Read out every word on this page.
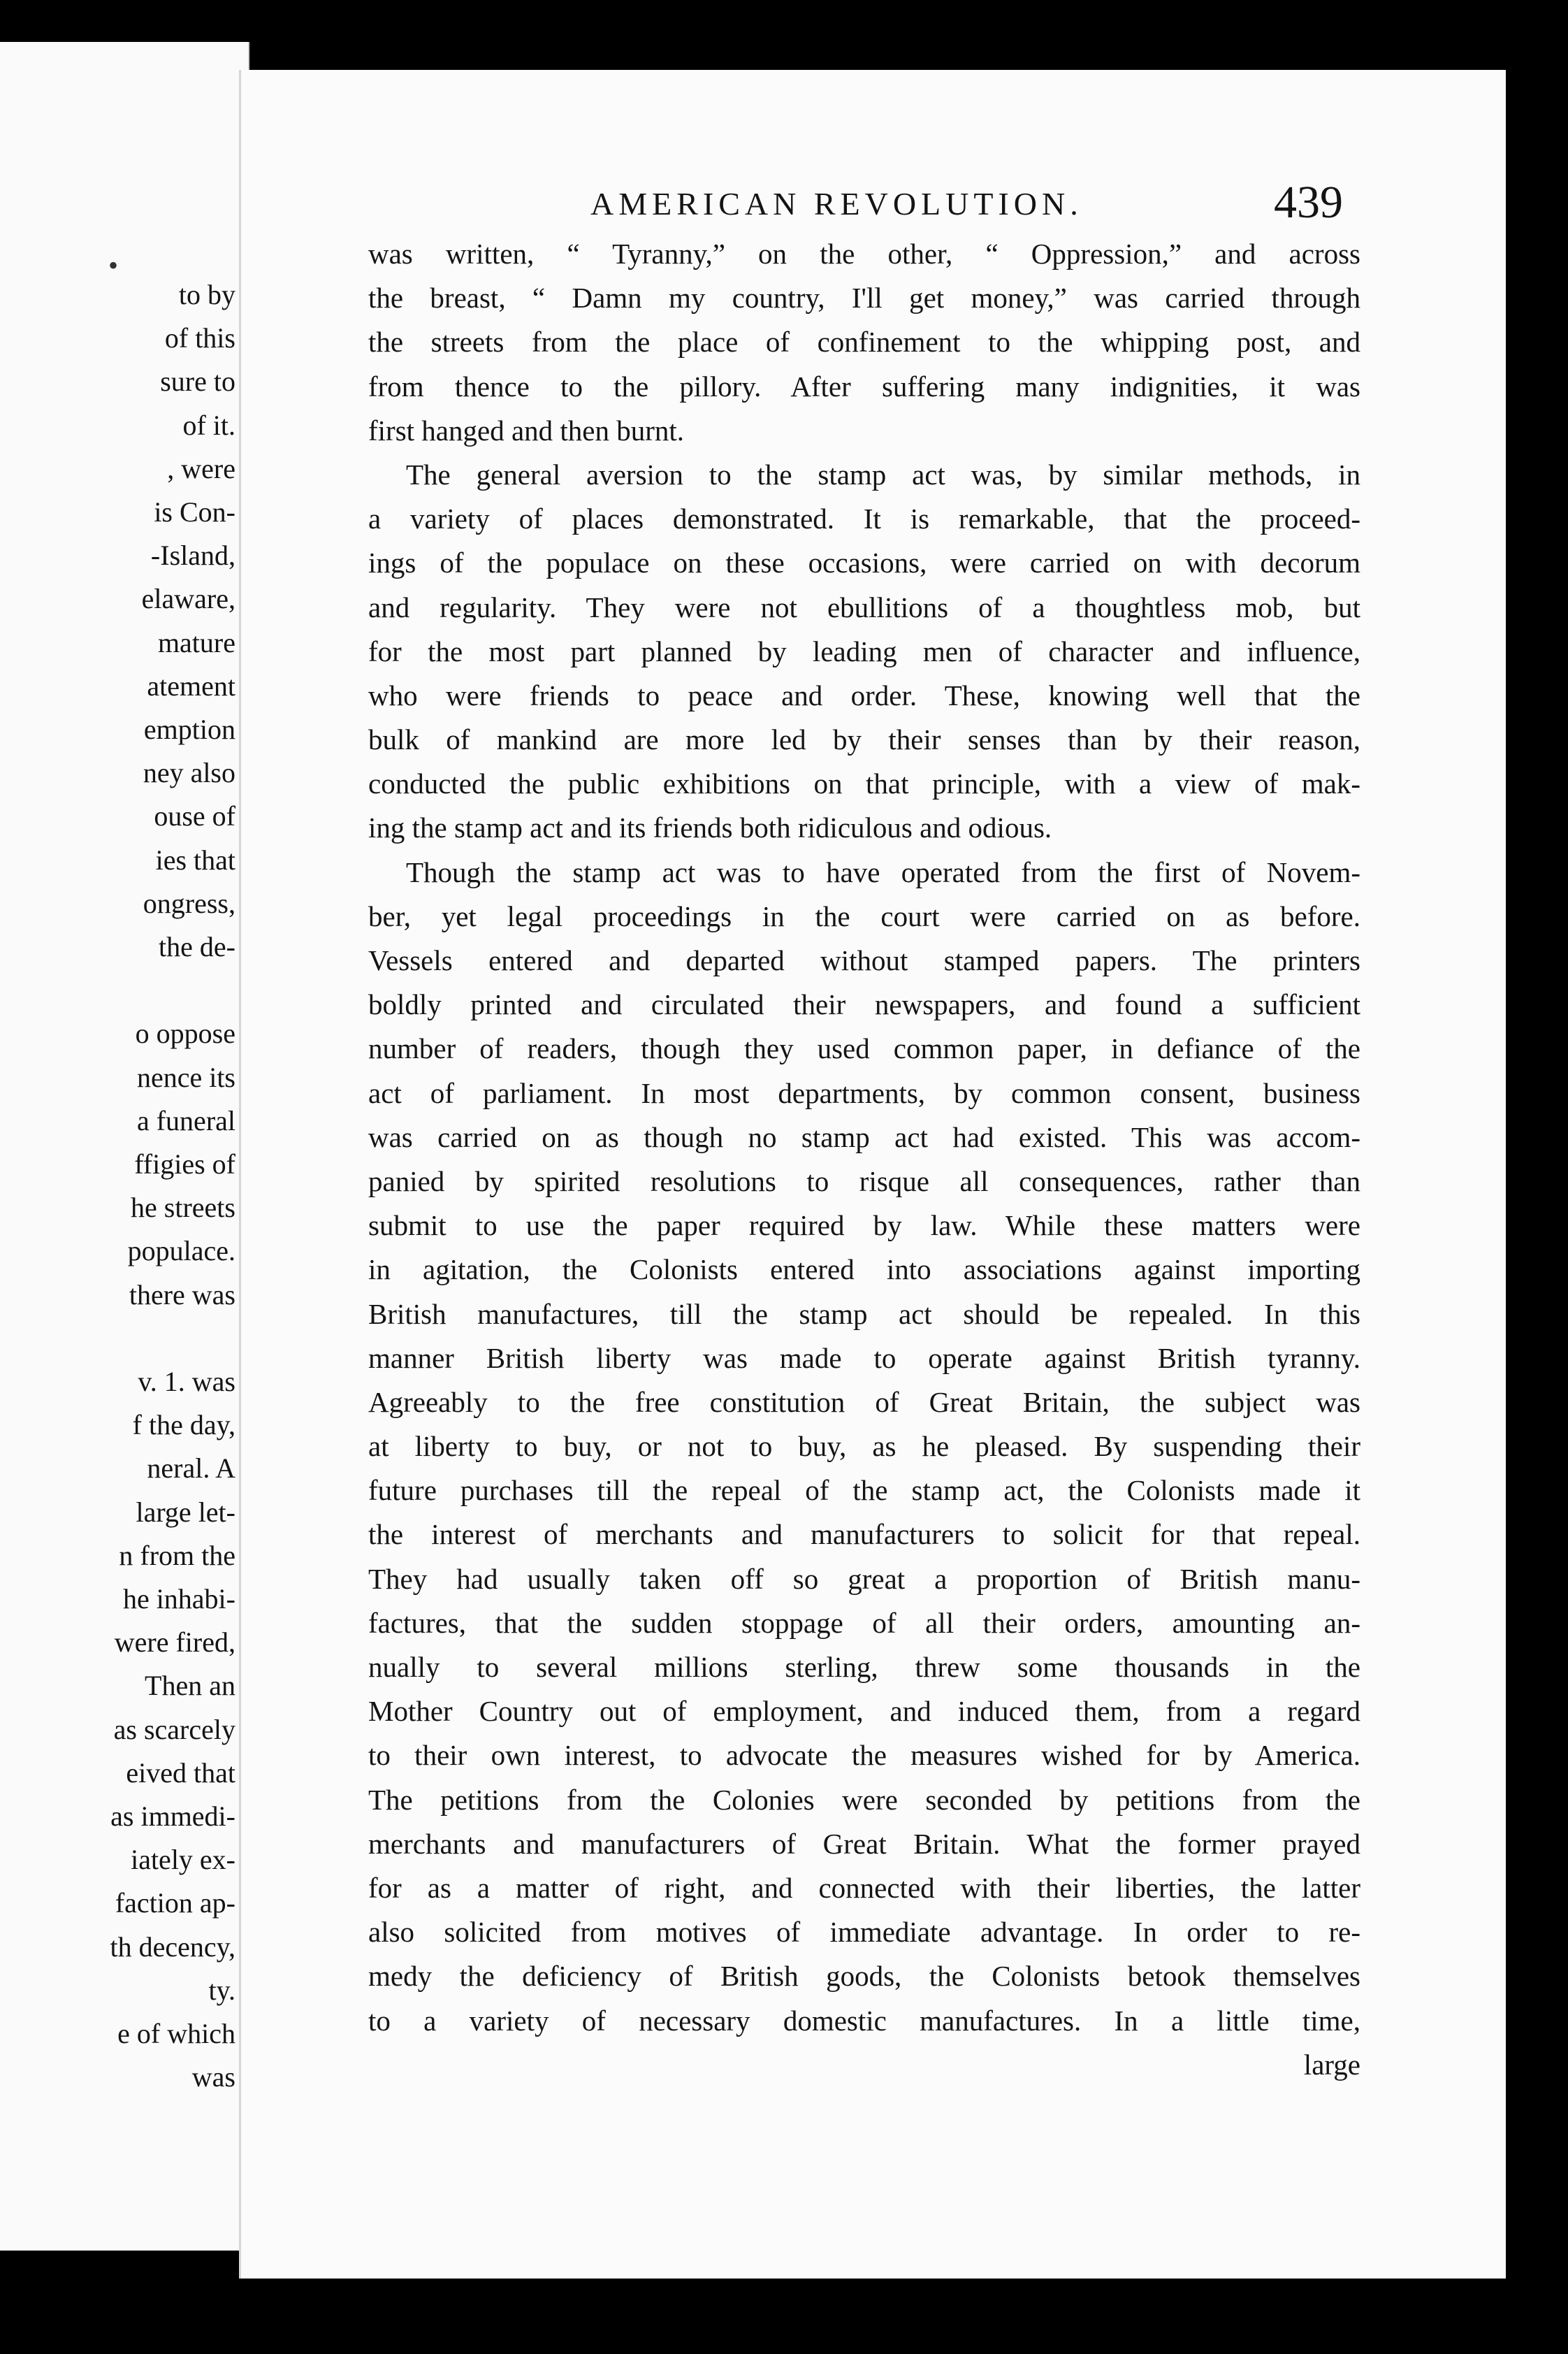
•
to by
of this
sure to
of it.
, were
is Con-
-Island,
elaware,
mature
atement
emption
ney also
ouse of
ies that
ongress,
the de-
o oppose
nence its
a funeral
ffigies of
he streets
populace.
there was
v. 1. was
f the day,
neral. A
large let-
n from the
he inhabi-
were fired,
Then an
as scarcely
eived that
as immedi-
iately ex-
faction ap-
th decency,
ty.
e of which
was
AMERICAN REVOLUTION.	439
was written, “ Tyranny,” on the other, “ Oppression,” and across
the breast, “ Damn my country, I'll get money,” was carried through
the streets from the place of confinement to the whipping post, and
from thence to the pillory. After suffering many indignities, it was
first hanged and then burnt.
The general aversion to the stamp act was, by similar methods, in
a variety of places demonstrated. It is remarkable, that the proceed-
ings of the populace on these occasions, were carried on with decorum
and regularity. They were not ebullitions of a thoughtless mob, but
for the most part planned by leading men of character and influence,
who were friends to peace and order. These, knowing well that the
bulk of mankind are more led by their senses than by their reason,
conducted the public exhibitions on that principle, with a view of mak-
ing the stamp act and its friends both ridiculous and odious.
Though the stamp act was to have operated from the first of Novem-
ber, yet legal proceedings in the court were carried on as before.
Vessels entered and departed without stamped papers. The printers
boldly printed and circulated their newspapers, and found a sufficient
number of readers, though they used common paper, in defiance of the
act of parliament. In most departments, by common consent, business
was carried on as though no stamp act had existed. This was accom-
panied by spirited resolutions to risque all consequences, rather than
submit to use the paper required by law. While these matters were
in agitation, the Colonists entered into associations against importing
British manufactures, till the stamp act should be repealed. In this
manner British liberty was made to operate against British tyranny.
Agreeably to the free constitution of Great Britain, the subject was
at liberty to buy, or not to buy, as he pleased. By suspending their
future purchases till the repeal of the stamp act, the Colonists made it
the interest of merchants and manufacturers to solicit for that repeal.
They had usually taken off so great a proportion of British manu-
factures, that the sudden stoppage of all their orders, amounting an-
nually to several millions sterling, threw some thousands in the
Mother Country out of employment, and induced them, from a regard
to their own interest, to advocate the measures wished for by America.
The petitions from the Colonies were seconded by petitions from the
merchants and manufacturers of Great Britain. What the former prayed
for as a matter of right, and connected with their liberties, the latter
also solicited from motives of immediate advantage. In order to re-
medy the deficiency of British goods, the Colonists betook themselves
to a variety of necessary domestic manufactures. In a little time,
large
